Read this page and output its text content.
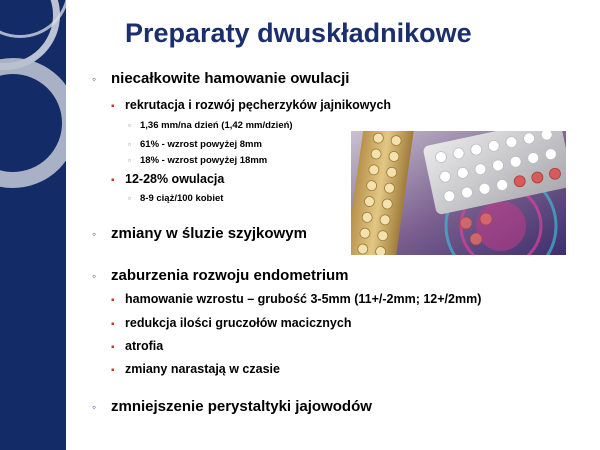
Preparaty dwuskładnikowe
◦ niecałkowite hamowanie owulacji
▪ rekrutacja i rozwój pęcherzyków jajnikowych
▫ 1,36 mm/na dzień (1,42 mm/dzień)
▫ 61% - wzrost powyżej 8mm
▫ 18% - wzrost powyżej 18mm
▪ 12-28% owulacja
▫ 8-9 ciąż/100 kobiet
◦ zmiany w śluzie szyjkowym
◦ zaburzenia rozwoju endometrium
▪ hamowanie wzrostu – grubość 3-5mm (11+/-2mm; 12+/2mm)
▪ redukcja ilości gruczołów macicznych
▪ atrofia
▪ zmiany narastają w czasie
◦ zmniejszenie perystaltyki jajowodów
